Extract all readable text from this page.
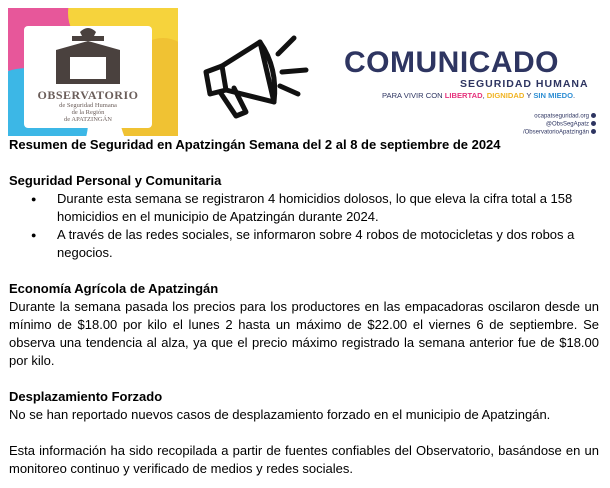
OBSERVATORIO
de Seguridad Humana
de la Región
de APATZINGÁN
COMUNICADO
SEGURIDAD HUMANA
PARA VIVIR CON LIBERTAD, DIGNIDAD Y SIN MIEDO.
ocapatseguridad.org
@ObsSegApatz
/ObservatorioApatzingán

Resumen de Seguridad en Apatzingán Semana del 2 al 8 de septiembre de 2024

Seguridad Personal y Comunitaria

● Durante esta semana se registraron 4 homicidios dolosos, lo que eleva la cifra total a 158 homicidios en el municipio de Apatzingán durante 2024.
● A través de las redes sociales, se informaron sobre 4 robos de motocicletas y dos robos a negocios.

Economía Agrícola de Apatzingán

Durante la semana pasada los precios para los productores en las empacadoras oscilaron desde un mínimo de $18.00 por kilo el lunes 2 hasta un máximo de $22.00 el viernes 6 de septiembre. Se observa una tendencia al alza, ya que el precio máximo registrado la semana anterior fue de $18.00 por kilo.

Desplazamiento Forzado

No se han reportado nuevos casos de desplazamiento forzado en el municipio de Apatzingán.

Esta información ha sido recopilada a partir de fuentes confiables del Observatorio, basándose en un monitoreo continuo y verificado de medios y redes sociales.
